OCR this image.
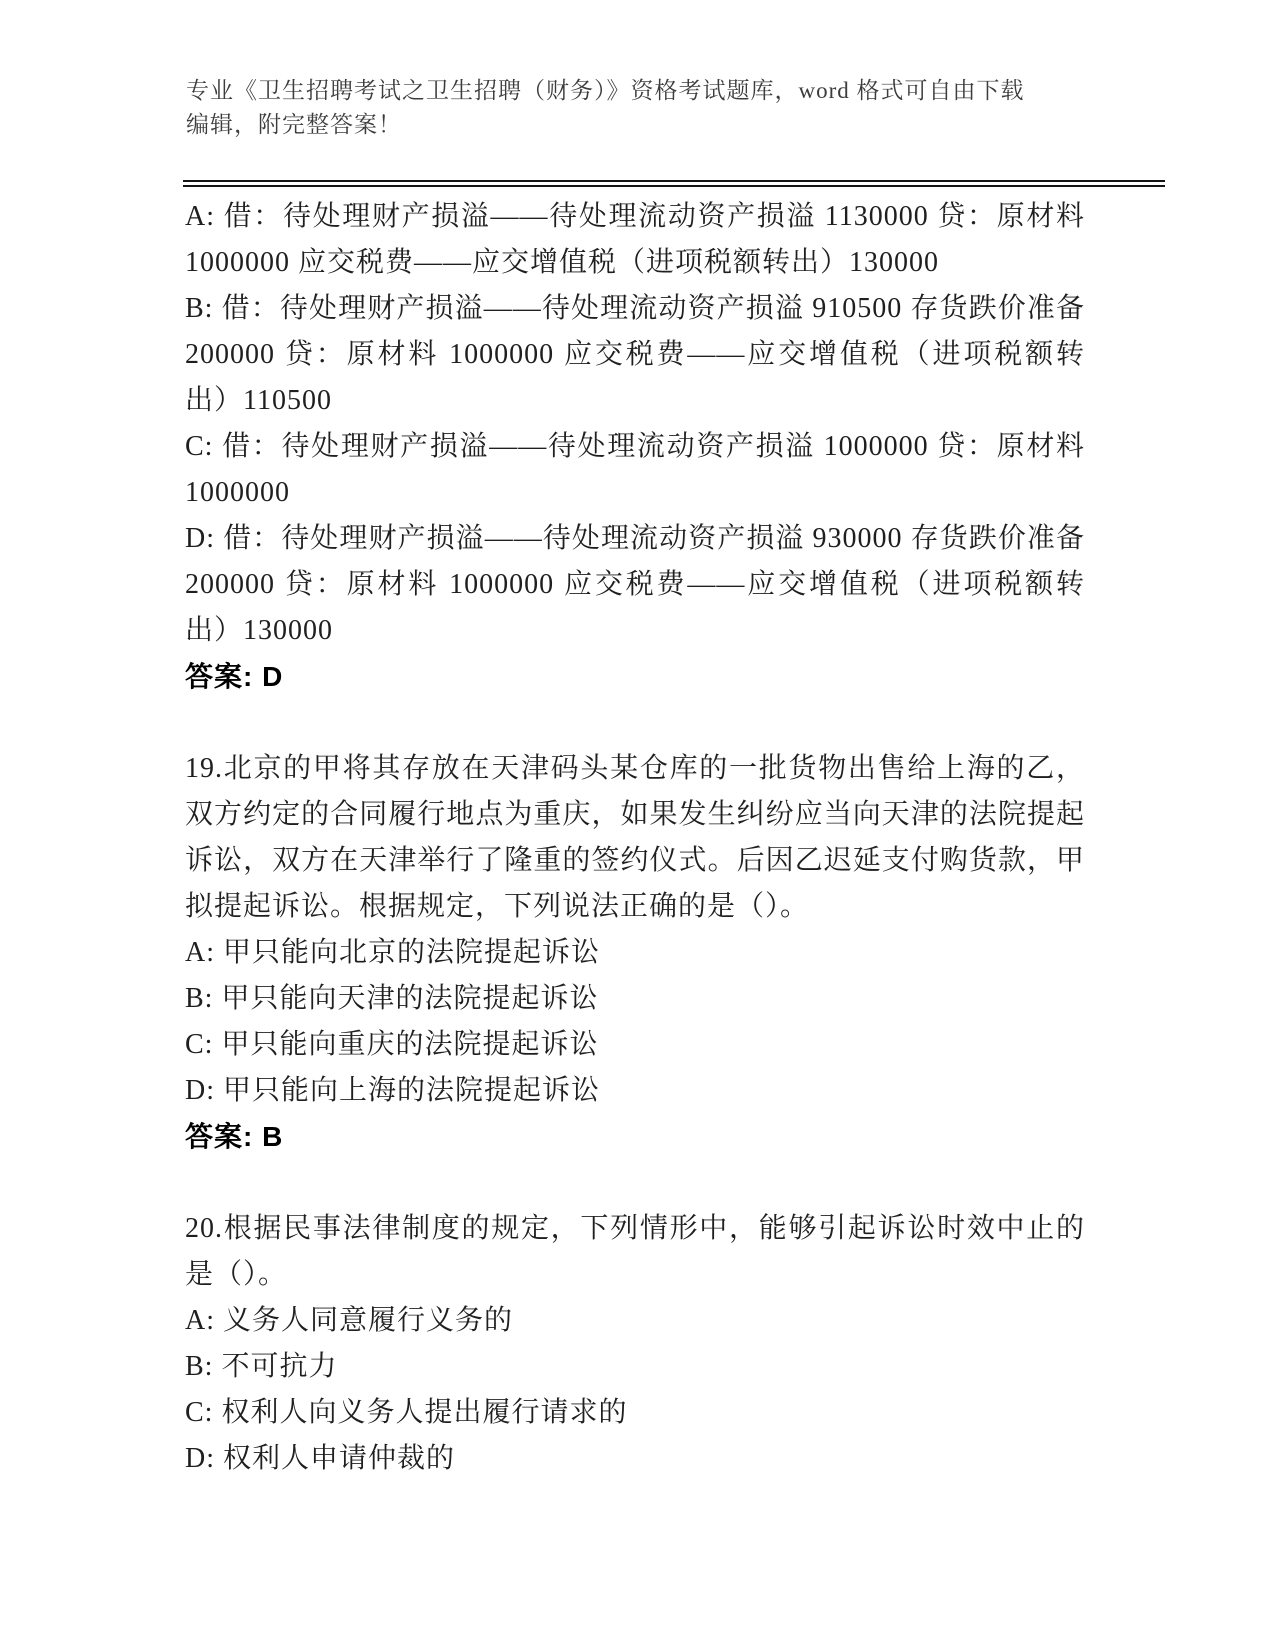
专业《卫生招聘考试之卫生招聘（财务）》资格考试题库，word 格式可自由下载
编辑，附完整答案！

A: 借：待处理财产损溢——待处理流动资产损溢 1130000 贷：原材料 1000000 应交税费——应交增值税（进项税额转出）130000

B: 借：待处理财产损溢——待处理流动资产损溢 910500 存货跌价准备 200000 贷：原材料 1000000 应交税费——应交增值税（进项税额转出）110500

C: 借：待处理财产损溢——待处理流动资产损溢 1000000 贷：原材料 1000000

D: 借：待处理财产损溢——待处理流动资产损溢 930000 存货跌价准备 200000 贷：原材料 1000000 应交税费——应交增值税（进项税额转出）130000

答案: D

19.北京的甲将其存放在天津码头某仓库的一批货物出售给上海的乙，双方约定的合同履行地点为重庆，如果发生纠纷应当向天津的法院提起诉讼，双方在天津举行了隆重的签约仪式。后因乙迟延支付购货款，甲拟提起诉讼。根据规定，下列说法正确的是（）。

A: 甲只能向北京的法院提起诉讼

B: 甲只能向天津的法院提起诉讼

C: 甲只能向重庆的法院提起诉讼

D: 甲只能向上海的法院提起诉讼

答案: B

20.根据民事法律制度的规定，下列情形中，能够引起诉讼时效中止的是（）。

A: 义务人同意履行义务的

B: 不可抗力

C: 权利人向义务人提出履行请求的

D: 权利人申请仲裁的
